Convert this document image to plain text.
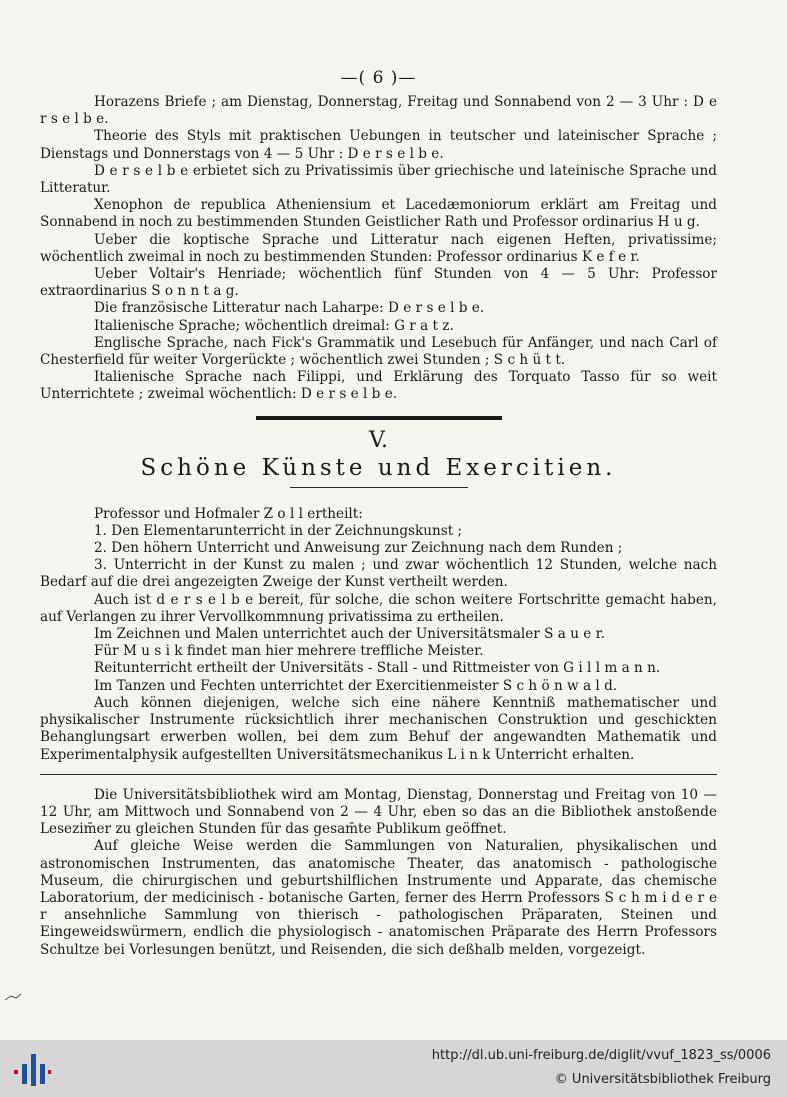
—( 6 )—

Horazens Briefe ; am Dienstag, Donnerstag, Freitag und Sonnabend von 2 — 3 Uhr : D e r s e l b e.

Theorie des Styls mit praktischen Uebungen in teutscher und lateinischer Sprache ; Dienstags und Donnerstags von 4 — 5 Uhr : D e r s e l b e.

D e r s e l b e erbietet sich zu Privatissimis über griechische und lateinische Sprache und Litteratur.

Xenophon de republica Atheniensium et Lacedæmoniorum erklärt am Freitag und Sonnabend in noch zu bestimmenden Stunden Geistlicher Rath und Professor ordinarius H u g.

Ueber die koptische Sprache und Litteratur nach eigenen Heften, privatissime; wöchentlich zweimal in noch zu bestimmenden Stunden: Professor ordinarius K e f e r.

Ueber Voltair's Henriade; wöchentlich fünf Stunden von 4 — 5 Uhr: Professor extraordinarius S o n n t a g.

Die französische Litteratur nach Laharpe: D e r s e l b e.

Italienische Sprache; wöchentlich dreimal: G r a t z.

Englische Sprache, nach Fick's Grammatik und Lesebuch für Anfänger, und nach Carl of Chesterfield für weiter Vorgerückte ; wöchentlich zwei Stunden ; S c h ü t t.

Italienische Sprache nach Filippi, und Erklärung des Torquato Tasso für so weit Unterrichtete ; zweimal wöchentlich: D e r s e l b e.

V.
Schöne Künste und Exercitien.

Professor und Hofmaler Z o l l ertheilt:

1. Den Elementarunterricht in der Zeichnungskunst ;

2. Den höhern Unterricht und Anweisung zur Zeichnung nach dem Runden ;

3. Unterricht in der Kunst zu malen ; und zwar wöchentlich 12 Stunden, welche nach Bedarf auf die drei angezeigten Zweige der Kunst vertheilt werden.

Auch ist d e r s e l b e bereit, für solche, die schon weitere Fortschritte gemacht haben, auf Verlangen zu ihrer Vervollkommnung privatissima zu ertheilen.

Im Zeichnen und Malen unterrichtet auch der Universitätsmaler S a u e r.

Für M u s i k findet man hier mehrere treffliche Meister.

Reitunterricht ertheilt der Universitäts - Stall - und Rittmeister von G i l l m a n n.

Im Tanzen und Fechten unterrichtet der Exercitienmeister S c h ö n w a l d.

Auch können diejenigen, welche sich eine nähere Kenntniß mathematischer und physikalischer Instrumente rücksichtlich ihrer mechanischen Construktion und geschickten Behanglungsart erwerben wollen, bei dem zum Behuf der angewandten Mathematik und Experimentalphysik aufgestellten Universitätsmechanikus L i n k Unterricht erhalten.

Die Universitätsbibliothek wird am Montag, Dienstag, Donnerstag und Freitag von 10 — 12 Uhr, am Mittwoch und Sonnabend von 2 — 4 Uhr, eben so das an die Bibliothek anstoßende Lesezim̄er zu gleichen Stunden für das gesam̄te Publikum geöffnet.

Auf gleiche Weise werden die Sammlungen von Naturalien, physikalischen und astronomischen Instrumenten, das anatomische Theater, das anatomisch - pathologische Museum, die chirurgischen und geburtshilflichen Instrumente und Apparate, das chemische Laboratorium, der medicinisch - botanische Garten, ferner des Herrn Professors S c h m i d e r e r ansehnliche Sammlung von thierisch - pathologischen Präparaten, Steinen und Eingeweidswürmern, endlich die physiologisch - anatomischen Präparate des Herrn Professors Schultze bei Vorlesungen benützt, und Reisenden, die sich deßhalb melden, vorgezeigt.

http://dl.ub.uni-freiburg.de/diglit/vvuf_1823_ss/0006
© Universitätsbibliothek Freiburg
